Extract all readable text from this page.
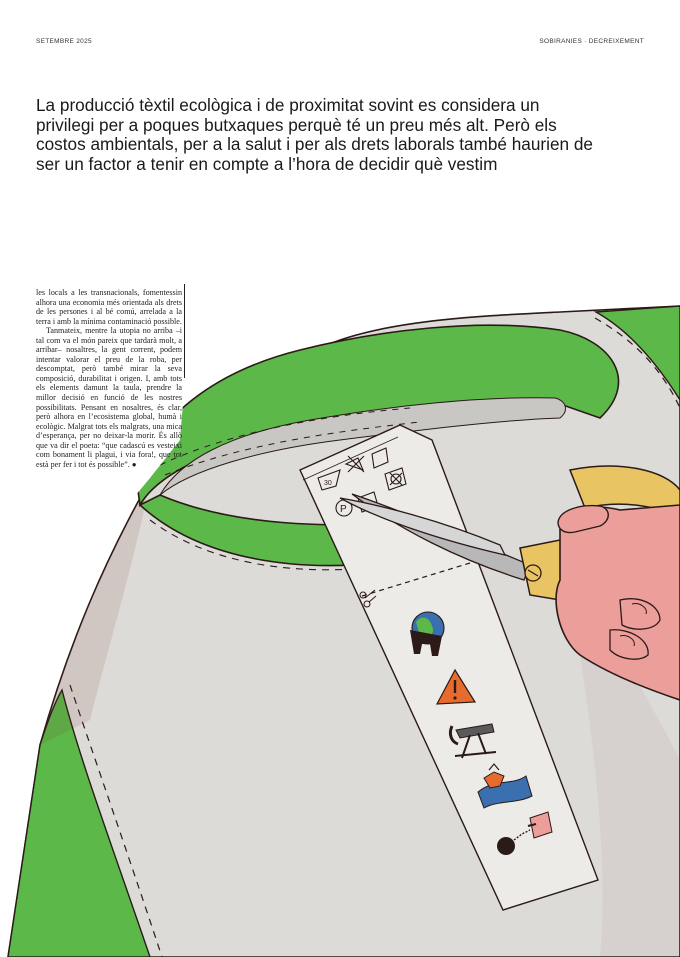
SETEMBRE 2025	SOBIRANIES · DECREIXEMENT
La producció tèxtil ecològica i de proximitat sovint es considera un privilegi per a poques butxaques perquè té un preu més alt. Però els costos ambientals, per a la salut i per als drets laborals també haurien de ser un factor a tenir en compte a l’hora de decidir què vestim
30
P

les locals a les transnacionals, fomentessin alhora una economia més orientada als drets de les persones i al bé comú, arrelada a la terra i amb la mínima contaminació possible.

Tanmateix, mentre la utopia no arriba –i tal com va el món pareix que tardarà molt, a arribar– nosaltres, la gent corrent, podem intentar valorar el preu de la roba, per descomptat, però també mirar la seva composició, durabilitat i origen. I, amb tots els elements damunt la taula, prendre la millor decisió en funció de les nostres possibilitats. Pensant en nosaltres, és clar, però alhora en l’ecosistema global, humà i ecològic. Malgrat tots els malgrats, una mica d’esperança, per no deixar-la morir. És allò que va dir el poeta: “que cadascú es vesteixi com bonament li plagui, i via fora!, que tot està per fer i tot és possible”. ●
